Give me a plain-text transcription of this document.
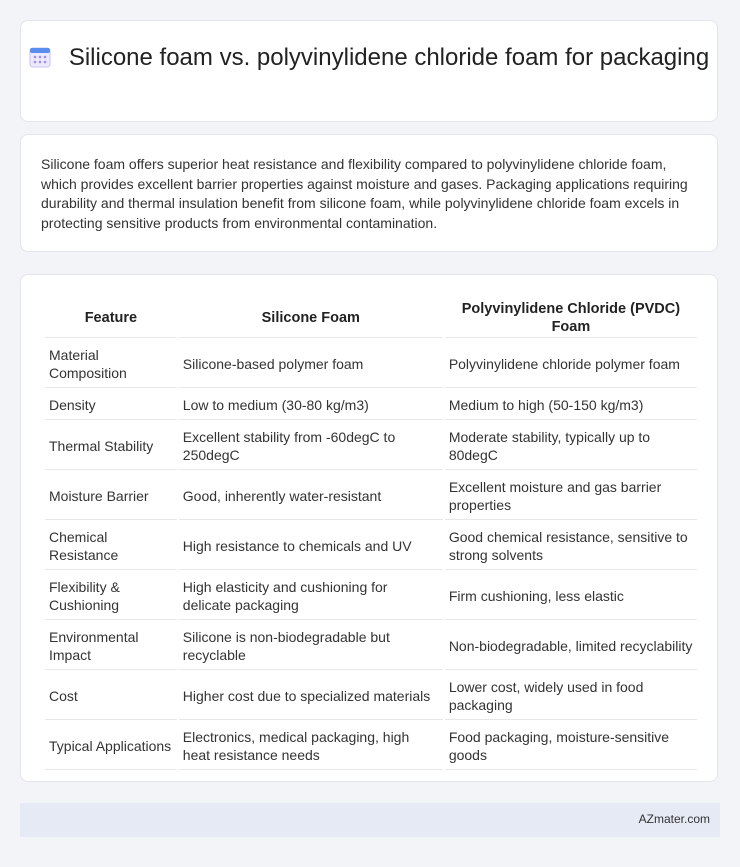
Silicone foam vs. polyvinylidene chloride foam for packaging

Silicone foam offers superior heat resistance and flexibility compared to polyvinylidene chloride foam, which provides excellent barrier properties against moisture and gases. Packaging applications requiring durability and thermal insulation benefit from silicone foam, while polyvinylidene chloride foam excels in protecting sensitive products from environmental contamination.

Feature	Silicone Foam	Polyvinylidene Chloride (PVDC) Foam
Material Composition	Silicone-based polymer foam	Polyvinylidene chloride polymer foam
Density	Low to medium (30-80 kg/m3)	Medium to high (50-150 kg/m3)
Thermal Stability	Excellent stability from -60degC to 250degC	Moderate stability, typically up to 80degC
Moisture Barrier	Good, inherently water-resistant	Excellent moisture and gas barrier properties
Chemical Resistance	High resistance to chemicals and UV	Good chemical resistance, sensitive to strong solvents
Flexibility & Cushioning	High elasticity and cushioning for delicate packaging	Firm cushioning, less elastic
Environmental Impact	Silicone is non-biodegradable but recyclable	Non-biodegradable, limited recyclability
Cost	Higher cost due to specialized materials	Lower cost, widely used in food packaging
Typical Applications	Electronics, medical packaging, high heat resistance needs	Food packaging, moisture-sensitive goods
AZmater.com
